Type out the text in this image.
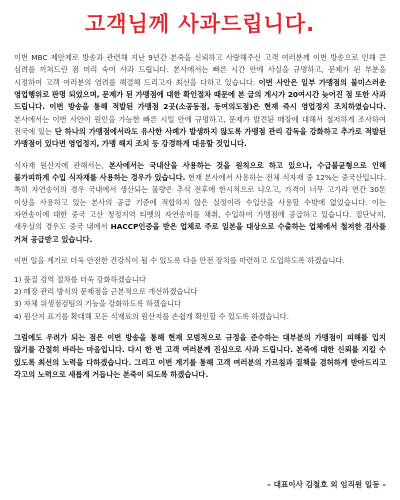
고객님께 사과드립니다.

이번 MBC 제안제로 방송과 관련해 지난 9년간 본죽을 신뢰하고 사랑해주신 고객 여러분께 이번 방송으로 인해 큰 심려를 끼쳐드린 점 머리 숙여 사과 드립니다. 본사에서는 빠른 시간 안에 사실을 규명하고, 문제가 된 부분을 시정하여 고객 여러분의 염려를 해결해 드리고자 최선을 다하고 있습니다. 이번 사안은 일부 가맹점의 불미스러운 영업행위로 판명 되었으며, 문제가 된 가맹점에 대한 확인절차 때문에 본 글의 게시가 20여시간 늦어진 점 또한 사과 드립니다. 이번 방송을 통해 적발된 가맹점 2곳(소공동점, 동여의도점)은 현재 즉시 영업정지 조치하였습니다. 본사에서는 이번 사안이 원인을 가능한 빠른 시일 안에 규명하고, 문제가 발견된 매장에 대해서 철저하게 조사하여 전국에 있는 단 하나의 가맹점에서라도 유사한 사례가 발생하지 않도록 가맹점 관리 감독을 강화하고 추가로 적발된 가맹점이 있다면 영업정지, 가맹 해지 조치 등 강경하게 대응할 것입니다.

식자재 원산지에 관해서는, 본사에서는 국내산을 사용하는 것을 원칙으로 하고 있으나, 수급불균형으로 인해 불가피하게 수입 식자재를 사용하는 경우가 있습니다. 현재 본사에서 사용하는 전체 식자재 중 12%는 중국산입니다. 특히 자연송이의 경우 국내에서 생산되는 물량은 추석 전후에 한시적으로 나오고, 가격이 너무 고가라 연간 30톤 이상을 사용하고 있는 본사의 공급 기준에 적합하지 않은 실정이라 수입산을 사용할 수밖에 없었습니다. 이는 자연송이에 대한 중국 고산 청정지역 티벳의 자연송이를 채취, 수입하여 가맹점에 공급하고 있습니다. 절단낙지, 새우살의 경우도 중국 내에서 HACCP인증을 받은 업체로 주로 일본을 대상으로 수출하는 업체에서 철저한 검사를 거쳐 공급받고 있습니다.

이번 일을 계기로 더욱 안전한 건강식이 될 수 있도록 다음 안전 장치를 마련하고 도입하도록 하겠습니다.

1) 품질 검역 절차를 더욱 강화하겠습니다
2) 매장 관리 방식의 문제점을 근본적으로 개선하겠습니다
3) 자체 위생점검팀의 기능을 강화하도록 하겠습니다
4) 원산지 표기를 확대해 모든 식재료의 원산지를 손쉽게 확인할 수 있도록 하겠습니다.

그럼에도 우려가 되는 점은 이번 방송을 통해 현재 모범적으로 규정을 준수하는 대부분의 가맹점이 피해를 입지 않기를 간절히 바라는 마음입니다. 다시 한 번 고객 여러분께 진심으로 사과 드립니다. 본죽에 대한 신뢰를 지킬 수 있도록 최선의 노력을 다하겠습니다. 그리고 이번 계기를 통해 고객 여러분의 가르침과 질책을 겸허하게 받아드리고 각고의 노력으로 새롭게 거듭나는 본죽이 되도록 하겠습니다.

– 대표이사 김철호 외 임직원 일동 –
